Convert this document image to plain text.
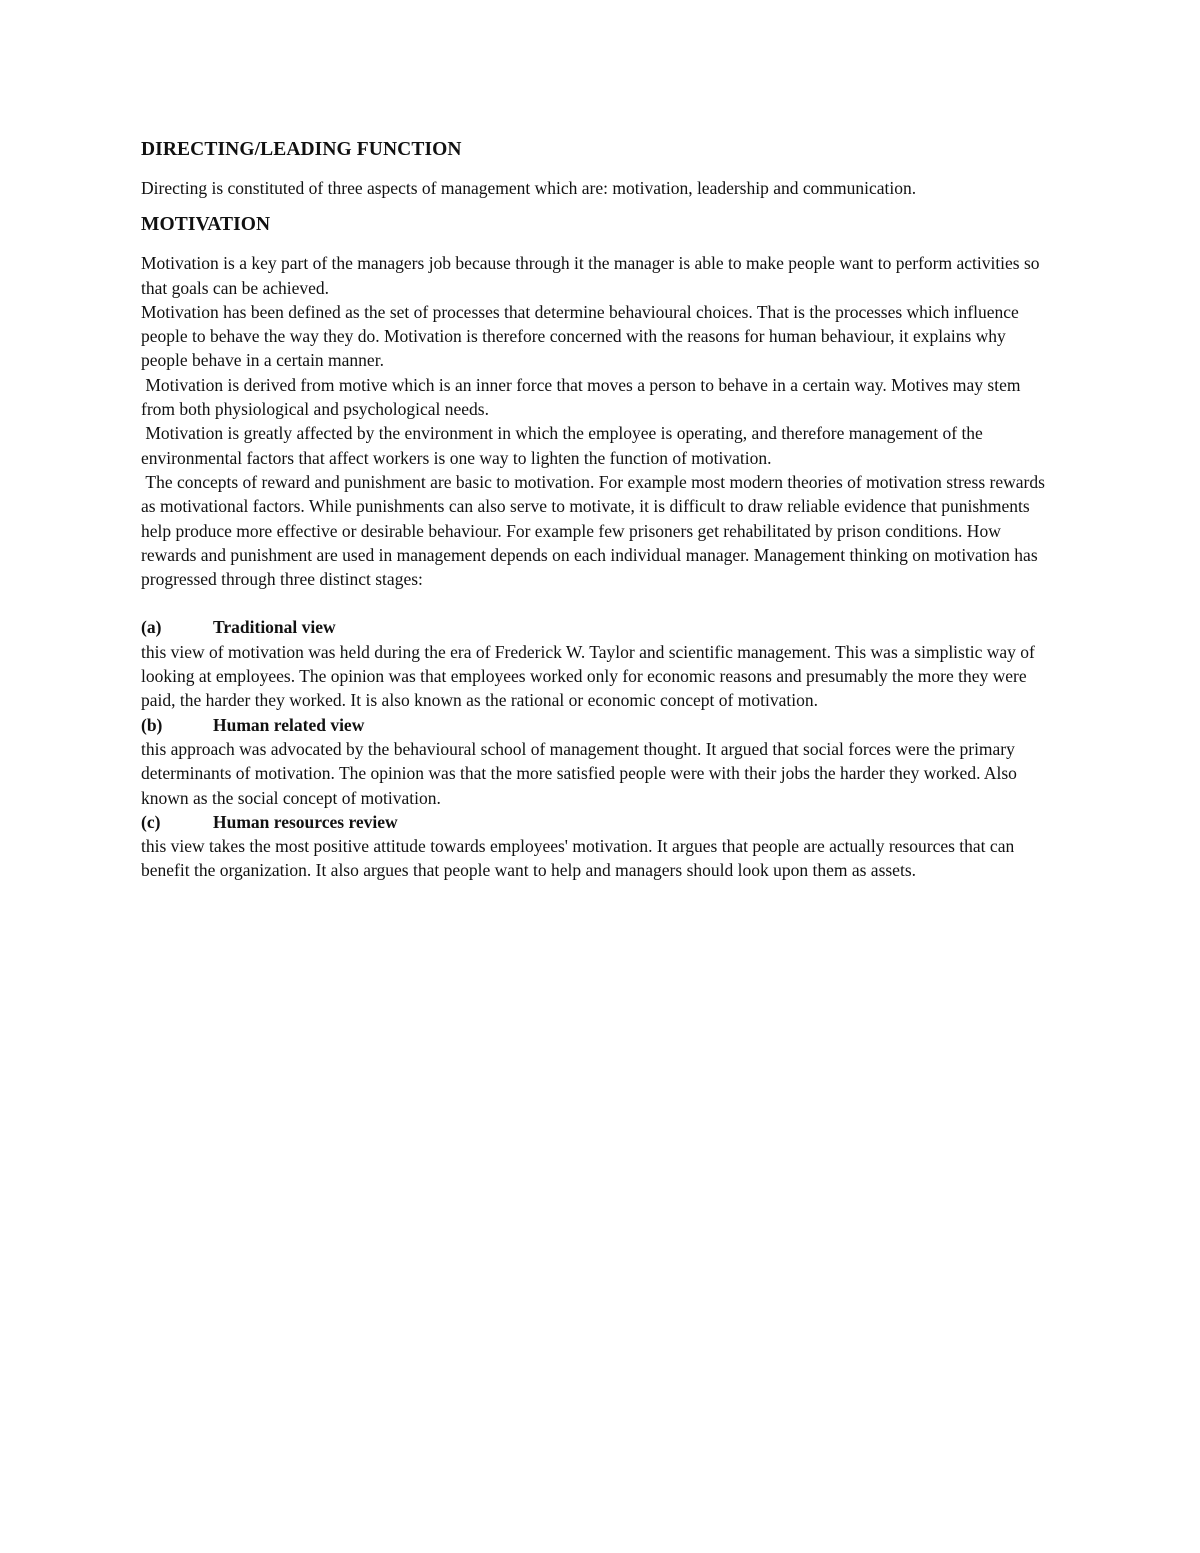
DIRECTING/LEADING FUNCTION

Directing is constituted of three aspects of management which are: motivation, leadership and communication.

MOTIVATION

Motivation is a key part of the managers job because through it the manager is able to make people want to perform activities so that goals can be achieved.

Motivation has been defined as the set of processes that determine behavioural choices. That is the processes which influence people to behave the way they do. Motivation is therefore concerned with the reasons for human behaviour, it explains why people behave in a certain manner.

Motivation is derived from motive which is an inner force that moves a person to behave in a certain way. Motives may stem from both physiological and psychological needs.

Motivation is greatly affected by the environment in which the employee is operating, and therefore management of the environmental factors that affect workers is one way to lighten the function of motivation.

The concepts of reward and punishment are basic to motivation. For example most modern theories of motivation stress rewards as motivational factors. While punishments can also serve to motivate, it is difficult to draw reliable evidence that punishments help produce more effective or desirable behaviour. For example few prisoners get rehabilitated by prison conditions. How rewards and punishment are used in management depends on each individual manager. Management thinking on motivation has progressed through three distinct stages:

(a)	Traditional view

this view of motivation was held during the era of Frederick W. Taylor and scientific management. This was a simplistic way of looking at employees. The opinion was that employees worked only for economic reasons and presumably the more they were paid, the harder they worked. It is also known as the rational or economic concept of motivation.

(b)	Human related view

this approach was advocated by the behavioural school of management thought. It argued that social forces were the primary determinants of motivation. The opinion was that the more satisfied people were with their jobs the harder they worked. Also known as the social concept of motivation.

(c)	Human resources review

this view takes the most positive attitude towards employees' motivation. It argues that people are actually resources that can benefit the organization. It also argues that people want to help and managers should look upon them as assets.
